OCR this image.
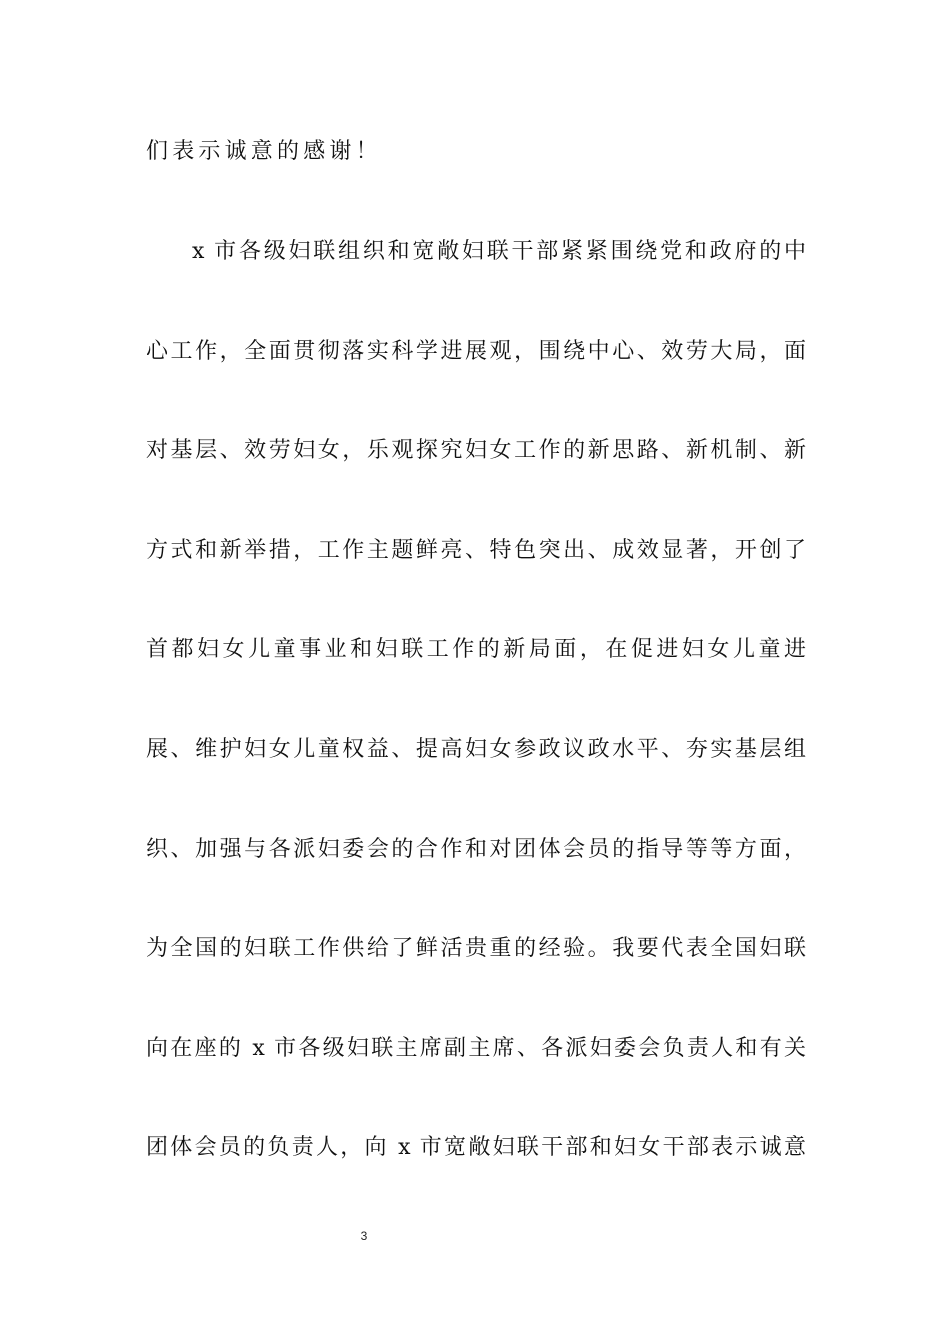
们表示诚意的感谢！
x 市各级妇联组织和宽敞妇联干部紧紧围绕党和政府的中
心工作，全面贯彻落实科学进展观，围绕中心、效劳大局，面
对基层、效劳妇女，乐观探究妇女工作的新思路、新机制、新
方式和新举措，工作主题鲜亮、特色突出、成效显著，开创了
首都妇女儿童事业和妇联工作的新局面，在促进妇女儿童进
展、维护妇女儿童权益、提高妇女参政议政水平、夯实基层组
织、加强与各派妇委会的合作和对团体会员的指导等等方面，
为全国的妇联工作供给了鲜活贵重的经验。我要代表全国妇联
向在座的 x 市各级妇联主席副主席、各派妇委会负责人和有关
团体会员的负责人，向 x 市宽敞妇联干部和妇女干部表示诚意
3
